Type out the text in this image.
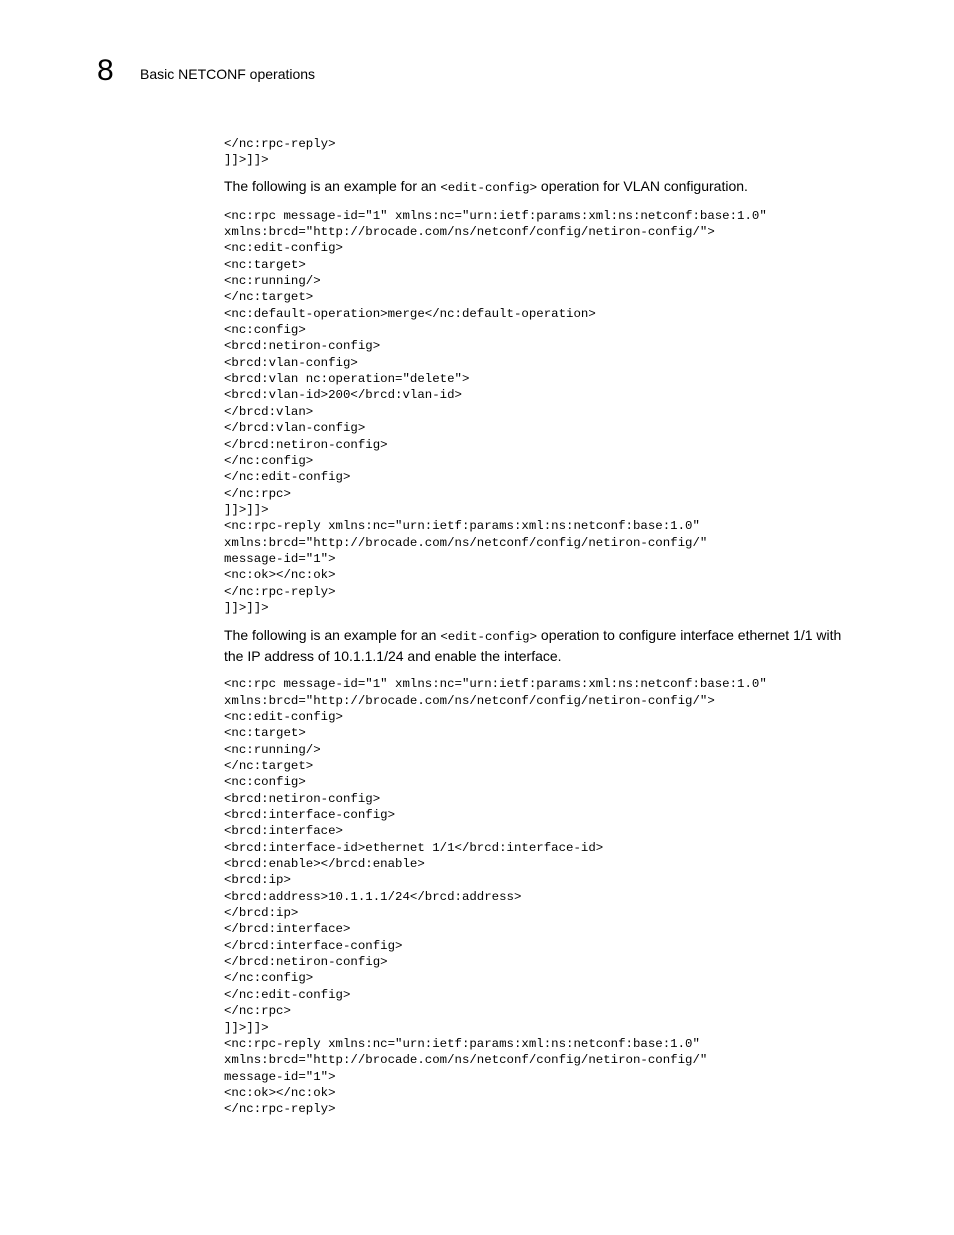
8 Basic NETCONF operations
</nc:rpc-reply>
]]>]]>

The following is an example for an <edit-config> operation for VLAN configuration.

<nc:rpc message-id="1" xmlns:nc="urn:ietf:params:xml:ns:netconf:base:1.0"
xmlns:brcd="http://brocade.com/ns/netconf/config/netiron-config/">
<nc:edit-config>
<nc:target>
<nc:running/>
</nc:target>
<nc:default-operation>merge</nc:default-operation>
<nc:config>
<brcd:netiron-config>
<brcd:vlan-config>
<brcd:vlan nc:operation="delete">
<brcd:vlan-id>200</brcd:vlan-id>
</brcd:vlan>
</brcd:vlan-config>
</brcd:netiron-config>
</nc:config>
</nc:edit-config>
</nc:rpc>
]]>]]>
<nc:rpc-reply xmlns:nc="urn:ietf:params:xml:ns:netconf:base:1.0"
xmlns:brcd="http://brocade.com/ns/netconf/config/netiron-config/"
message-id="1">
<nc:ok></nc:ok>
</nc:rpc-reply>
]]>]]>

The following is an example for an <edit-config> operation to configure interface ethernet 1/1 with the IP address of 10.1.1.1/24 and enable the interface.

<nc:rpc message-id="1" xmlns:nc="urn:ietf:params:xml:ns:netconf:base:1.0"
xmlns:brcd="http://brocade.com/ns/netconf/config/netiron-config/">
<nc:edit-config>
<nc:target>
<nc:running/>
</nc:target>
<nc:config>
<brcd:netiron-config>
<brcd:interface-config>
<brcd:interface>
<brcd:interface-id>ethernet 1/1</brcd:interface-id>
<brcd:enable></brcd:enable>
<brcd:ip>
<brcd:address>10.1.1.1/24</brcd:address>
</brcd:ip>
</brcd:interface>
</brcd:interface-config>
</brcd:netiron-config>
</nc:config>
</nc:edit-config>
</nc:rpc>
]]>]]>
<nc:rpc-reply xmlns:nc="urn:ietf:params:xml:ns:netconf:base:1.0"
xmlns:brcd="http://brocade.com/ns/netconf/config/netiron-config/"
message-id="1">
<nc:ok></nc:ok>
</nc:rpc-reply>
